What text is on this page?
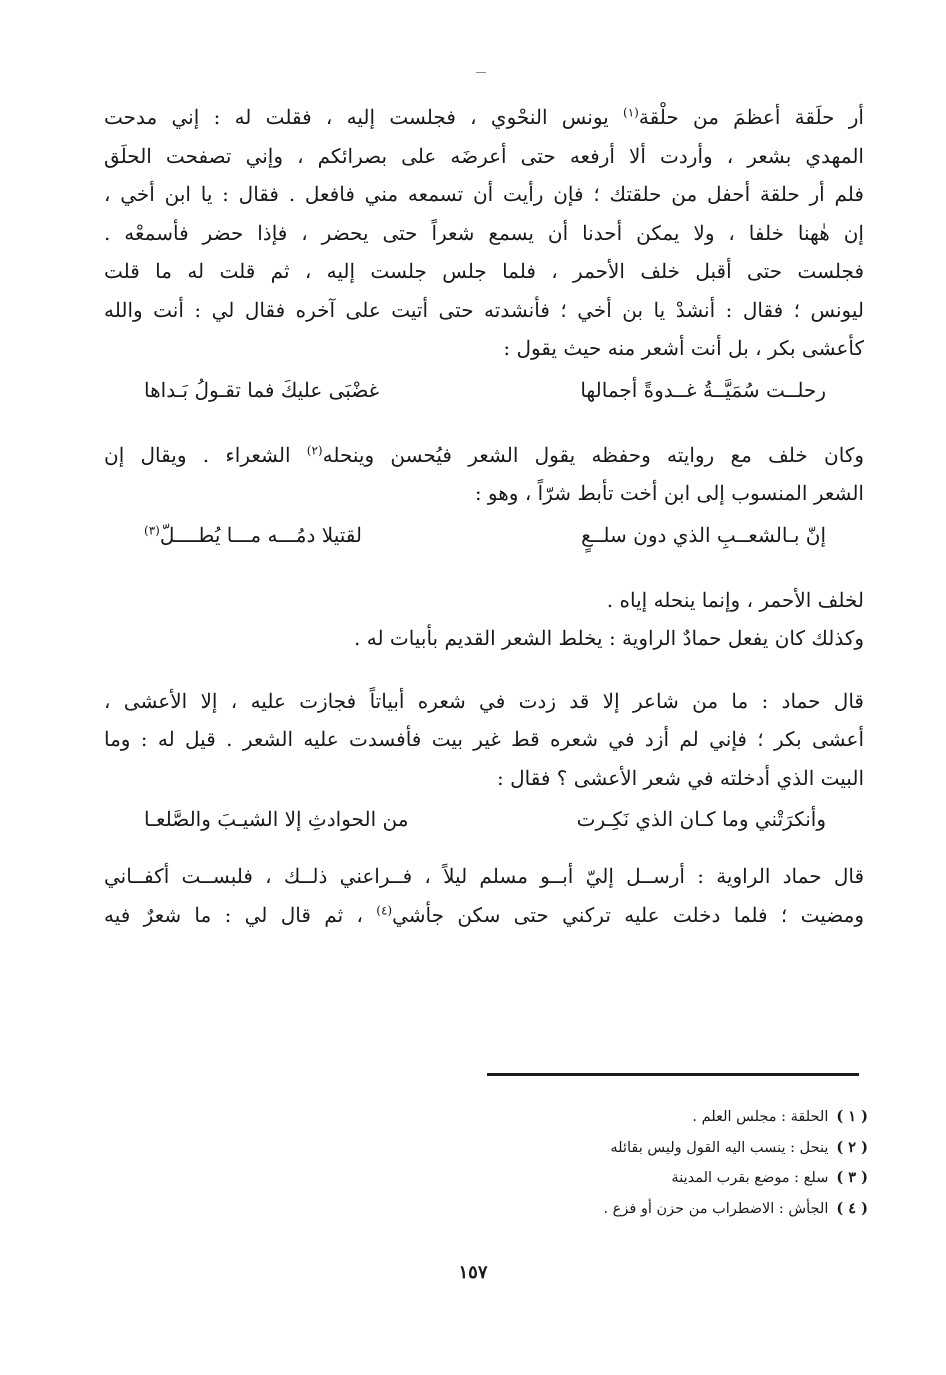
أر حلَقة أعظمَ من حلْقة$^{(١)}$ يونس النحْوي ، فجلست إليه ، فقلت له : إني مدحت
المهدي بشعر ، وأردت ألا أرفعه حتى أعرضَه على بصرائكم ، وإني تصفحت الحلَق
فلم أر حلقة أحفل من حلقتك ؛ فإن رأيت أن تسمعه مني فافعل . فقال : يا ابن أخي ،
إن هٰهنا خلفا ، ولا يمكن أحدنا أن يسمع شعراً حتى يحضر ، فإذا حضر فأسمعْه .
فجلست حتى أقبل خلف الأحمر ، فلما جلس جلست إليه ، ثم قلت له ما قلت
ليونس ؛ فقال : أنشدْ يا بن أخي ؛ فأنشدته حتى أتيت على آخره فقال لي : أنت والله
كأعشى بكر ، بل أنت أشعر منه حيث يقول :
رحلــت سُمَيَّــةُ غــدوةً أجمالها
غضْبَى عليكَ فما تقـولُ بَـداها
وكان خلف مع روايته وحفظه يقول الشعر فيُحسن وينحله$^{(٢)}$ الشعراء . ويقال إن
الشعر المنسوب إلى ابن أخت تأبط شرّاً ، وهو :
إنّ بـالشعــبِ الذي دون سلــعٍ
لقتيلا دمُـــه مـــا يُطــــلّ$^{(٣)}$
لخلف الأحمر ، وإنما ينحله إياه .
وكذلك كان يفعل حمادٌ الراوية : يخلط الشعر القديم بأبيات له .
قال حماد : ما من شاعر إلا قد زدت في شعره أبياتاً فجازت عليه ، إلا الأعشى ،
أعشى بكر ؛ فإني لم أزد في شعره قط غير بيت فأفسدت عليه الشعر . قيل له : وما
البيت الذي أدخلته في شعر الأعشى ؟ فقال :
وأنكرَتْني وما كـان الذي نَكِـرت
من الحوادثِ إلا الشيـبَ والصَّلعـا
قال حماد الراوية : أرســل إليّ أبــو مسلم ليلاً ، فــراعني ذلــك ، فلبســت أكفــاني
ومضيت ؛ فلما دخلت عليه تركني حتى سكن جأشي$^{(٤)}$ ، ثم قال لي : ما شعرٌ فيه
( ١ )الحلقة : مجلس العلم .
( ٢ )ينحل : ينسب اليه القول وليس بقائله
( ٣ )سلع : موضع بقرب المدينة
( ٤ )الجأش : الاضطراب من حزن أو فزع .
١٥٧
